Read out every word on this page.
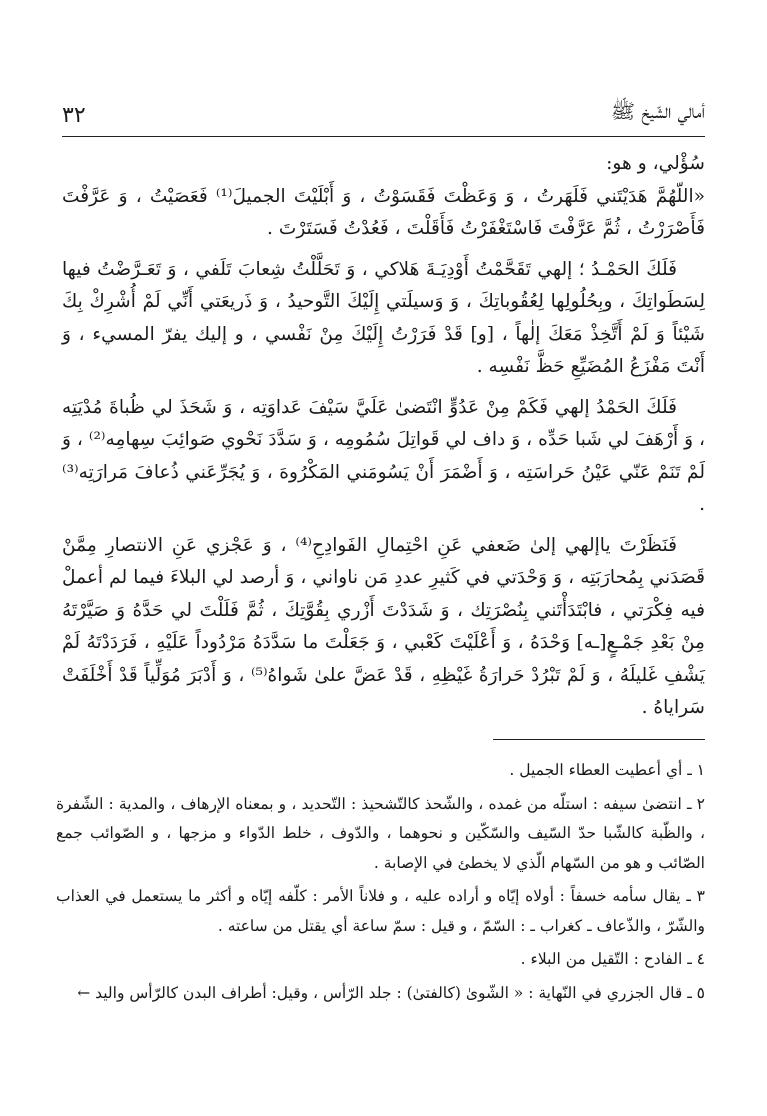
أمالي الشّيخ ﷺ
٣٢

سُؤْلي، و هو:

«اللّهُمَّ هَدَيْتَني فَلَهَرتُ ، وَ وَعَظْتَ فَقَسَوْتُ ، وَ أَبْلَيْتَ الجميلَ⁽¹⁾ فَعَصَيْتُ ، وَ عَرَّفْتَ فَأَصْرَرْتُ ، ثُمَّ عَرَّفْتَ فَاسْتَغْفَرْتُ فَأَقَلْتَ ، فَعُدْتُ فَسَتَرْتَ .

فَلَكَ الحَمْـدُ ؛ إلهي تَقَحَّمْتُ أَوْدِيَـةَ هَلاكي ، وَ تَحَلَّلْتُ شِعابَ تَلَفي ، وَ تَعَـرَّضْتُ فيها لِسَطَواتِكَ ، وبِحُلُولِها لِعُقُوباتِكَ ، وَ وَسيلَتي إِلَيْكَ التَّوحيدُ ، وَ ذَريعَتي أَنِّي لَمْ أُشْرِكْ بِكَ شَيْئاً وَ لَمْ أَتَّخِذْ مَعَكَ إلٰهاً ، [و] قَدْ فَرَرْتُ إِلَيْكَ مِنْ نَفْسي ، و إليك يفرّ المسيء ، وَ أَنْتَ مَفْزَعُ المُضَيِّعِ حَظَّ نَفْسِه .

فَلَكَ الحَمْدُ إلهي فَكَمْ مِنْ عَدُوٍّ انْتَضىٰ عَلَيَّ سَيْفَ عَداوَتِه ، وَ شَحَذَ لي ظُباةَ مُدْيَتِه ، وَ أَرْهَفَ لي شَبا حَدِّه ، وَ داف لي قَواتِلَ سُمُومِه ، وَ سَدَّدَ نَحْوي صَوائِبَ سِهامِه⁽²⁾ ، وَ لَمْ تَنَمْ عَنّي عَيْنُ حَراسَتِه ، وَ أَضْمَرَ أَنْ يَسُومَني المَكْرُوهَ ، وَ يُجَرِّعَني ذُعافَ مَرارَتِه⁽³⁾ .

فَنَظَرْتَ ياإلهي إلىٰ ضَعفي عَنِ احْتِمالِ الفَوادِحِ⁽⁴⁾ ، وَ عَجْزي عَنِ الانتصارِ مِمَّنْ قَصَدَني بِمُحارَبَتِه ، وَ وَحْدَتي في كَثيرِ عددِ مَن ناواني ، وَ أرصد لي البلاءَ فيما لم أعملْ فيه فِكْرَتي ، فابْتَدَأْتَني بِنُصْرَتِك ، وَ شَدَدْتَ أَزْري بِقُوَّتِكَ ، ثُمَّ فَلَلْتَ لي حَدَّهُ وَ صَيَّرْتَهُ مِنْ بَعْدِ جَمْـعٍ[ـه] وَحْدَهُ ، وَ أَعْلَيْتَ كَعْبي ، وَ جَعَلْتَ ما سَدَّدَهُ مَرْدُوداً عَلَيْهِ ، فَرَدَدْتَهُ لَمْ يَشْفِ غَليلَهُ ، وَ لَمْ تَبْرُدْ حَرارَةُ غَيْظِهِ ، قَدْ عَضَّ علىٰ شَواهُ⁽⁵⁾ ، وَ أَدْبَرَ مُوَلِّياً قَدْ أَخْلَفَتْ سَراياهُ .

١ ـ أي أعطيت العطاء الجميل .

٢ ـ انتضىٰ سيفه : استلّه من غمده ، والشّحذ كالتّشحيذ : التّحديد ، و بمعناه الإرهاف ، والمدية : الشّفرة ، والظّبة كالشّبا حدّ السّيف والسّكّين و نحوهما ، والدّوف ، خلط الدّواء و مزجها ، و الصّوائب جمع الصّائب و هو من السّهام الّذي لا يخطئ في الإصابة .

٣ ـ يقال سأمه خسفاً : أولاه إيّاه و أراده عليه ، و فلاناً الأمر : كلّفه إيّاه و أكثر ما يستعمل في العذاب والشّرّ ، والذّعاف ـ كغراب ـ : السّمّ ، و قيل : سمّ ساعة أي يقتل من ساعته .

٤ ـ الفادح : التّقيل من البلاء .

٥ ـ قال الجزري في النّهاية : « الشّوىٰ (كالفتىٰ) : جلد الرّأس ، وقيل: أطراف البدن كالرّأس واليد ←
